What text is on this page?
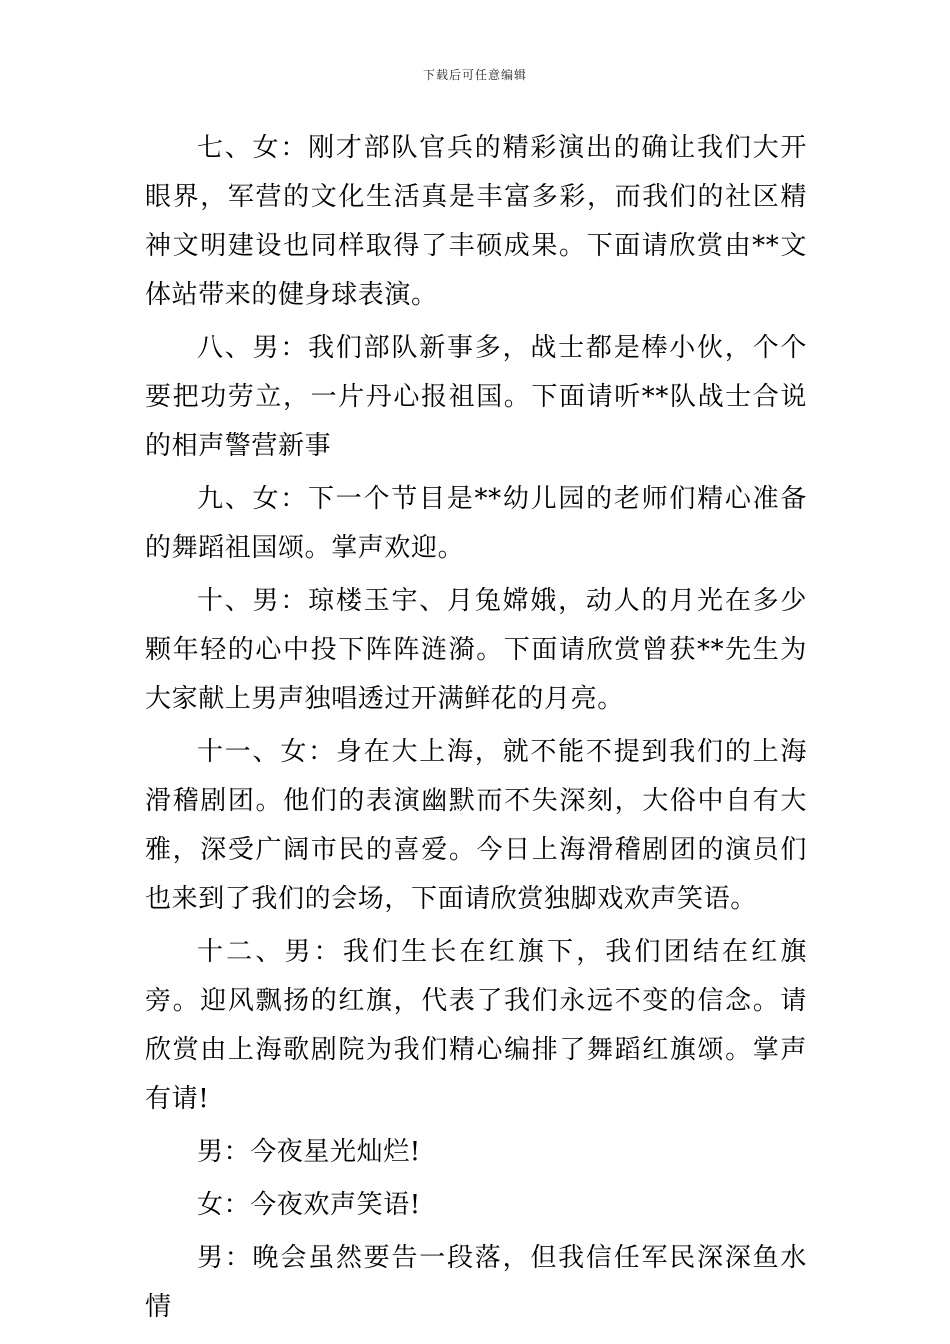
下载后可任意编辑

七、女：刚才部队官兵的精彩演出的确让我们大开眼界，军营的文化生活真是丰富多彩，而我们的社区精神文明建设也同样取得了丰硕成果。下面请欣赏由**文体站带来的健身球表演。

八、男：我们部队新事多，战士都是棒小伙，个个要把功劳立，一片丹心报祖国。下面请听**队战士合说的相声警营新事

九、女：下一个节目是**幼儿园的老师们精心准备的舞蹈祖国颂。掌声欢迎。

十、男：琼楼玉宇、月兔嫦娥，动人的月光在多少颗年轻的心中投下阵阵涟漪。下面请欣赏曾获**先生为大家献上男声独唱透过开满鲜花的月亮。

十一、女：身在大上海，就不能不提到我们的上海滑稽剧团。他们的表演幽默而不失深刻，大俗中自有大雅，深受广阔市民的喜爱。今日上海滑稽剧团的演员们也来到了我们的会场，下面请欣赏独脚戏欢声笑语。

十二、男：我们生长在红旗下，我们团结在红旗旁。迎风飘扬的红旗，代表了我们永远不变的信念。请欣赏由上海歌剧院为我们精心编排了舞蹈红旗颂。掌声有请!

男：今夜星光灿烂!

女：今夜欢声笑语!

男：晚会虽然要告一段落，但我信任军民深深鱼水情
